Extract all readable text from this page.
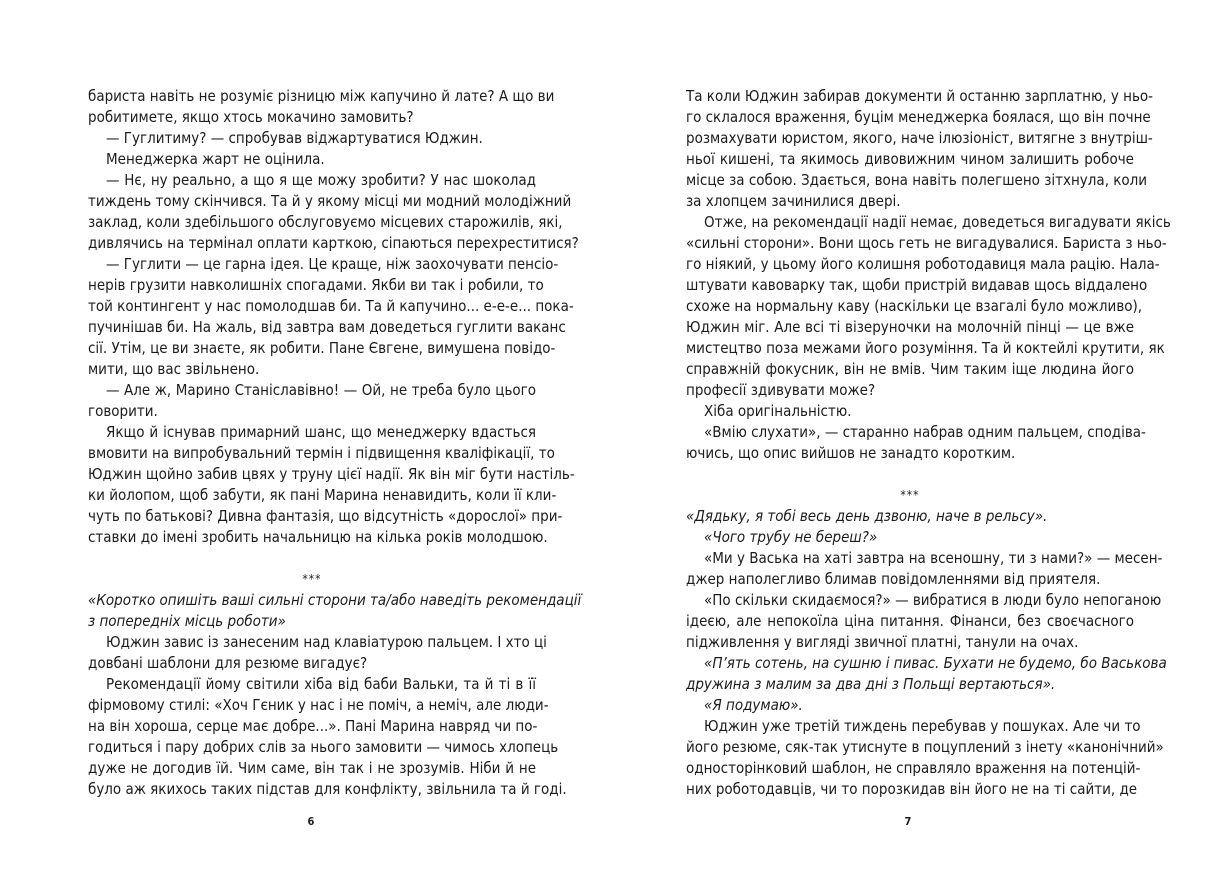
бариста навіть не розуміє різницю між капучино й лате? А що ви
робитимете, якщо хтось мокачино замовить?
— Гуглитиму? — спробував віджартуватися Юджин.
Менеджерка жарт не оцінила.
— Нє, ну реально, а що я ще можу зробити? У нас шоколад
тиждень тому скінчився. Та й у якому місці ми модний молодіжний
заклад, коли здебільшого обслуговуємо місцевих старожилів, які,
дивлячись на термінал оплати карткою, сіпаються перехреститися?
— Гуглити — це гарна ідея. Це краще, ніж заохочувати пенсіо-
нерів грузити навколишніх спогадами. Якби ви так і робили, то
той контингент у нас помолодшав би. Та й капучино... е-е-е... пока-
пучинішав би. На жаль, від завтра вам доведеться гуглити ваканс
сії. Утім, це ви знаєте, як робити. Пане Євгене, вимушена повідо-
мити, що вас звільнено.
— Але ж, Марино Станіславівно! — Ой, не треба було цього
говорити.
Якщо й існував примарний шанс, що менеджерку вдасться
вмовити на випробувальний термін і підвищення кваліфікації, то
Юджин щойно забив цвях у труну цієї надії. Як він міг бути настіль-
ки йолопом, щоб забути, як пані Марина ненавидить, коли її кли-
чуть по батькові? Дивна фантазія, що відсутність «дорослої» при-
ставки до імені зробить начальницю на кілька років молодшою.
***
«Коротко опишіть ваші сильні сторони та/або наведіть рекомендації
з попередніх місць роботи»
Юджин завис із занесеним над клавіатурою пальцем. І хто ці
довбані шаблони для резюме вигадує?
Рекомендації йому світили хіба від баби Вальки, та й ті в її
фірмовому стилі: «Хоч Гєник у нас і не поміч, а неміч, але люди-
на він хороша, серце має добре...». Пані Марина навряд чи по-
годиться і пару добрих слів за нього замовити — чимось хлопець
дуже не догодив їй. Чим саме, він так і не зрозумів. Ніби й не
було аж якихось таких підстав для конфлікту, звільнила та й годі.
6
Та коли Юджин забирав документи й останню зарплатню, у ньо-
го склалося враження, буцім менеджерка боялася, що він почне
розмахувати юристом, якого, наче ілюзіоніст, витягне з внутріш-
ньої кишені, та якимось дивовижним чином залишить робоче
місце за собою. Здається, вона навіть полегшено зітхнула, коли
за хлопцем зачинилися двері.
Отже, на рекомендації надії немає, доведеться вигадувати якісь
«сильні сторони». Вони щось геть не вигадувалися. Бариста з ньо-
го ніякий, у цьому його колишня роботодавиця мала рацію. Нала-
штувати кавоварку так, щоби пристрій видавав щось віддалено
схоже на нормальну каву (наскільки це взагалі було можливо),
Юджин міг. Але всі ті візеруночки на молочній пінці — це вже
мистецтво поза межами його розуміння. Та й коктейлі крутити, як
справжній фокусник, він не вмів. Чим таким іще людина його
професії здивувати може?
Хіба оригінальністю.
«Вмію слухати», — старанно набрав одним пальцем, сподіва-
ючись, що опис вийшов не занадто коротким.
***
«Дядьку, я тобі весь день дзвоню, наче в рельсу».
«Чого трубу не береш?»
«Ми у Васька на хаті завтра на всеношну, ти з нами?» — месен-
джер наполегливо блимав повідомленнями від приятеля.
«По скільки скидаємося?» — вибратися в люди було непоганою
ідеєю, але непокоїла ціна питання. Фінанси, без своєчасного
підживлення у вигляді звичної платні, танули на очах.
«П’ять сотень, на сушню і пивас. Бухати не будемо, бо Васькова
дружина з малим за два дні з Польщі вертаються».
«Я подумаю».
Юджин уже третій тиждень перебував у пошуках. Але чи то
його резюме, сяк-так утиснуте в поцуплений з інету «канонічний»
односторінковий шаблон, не справляло враження на потенцій-
них роботодавців, чи то порозкидав він його не на ті сайти, де
7
